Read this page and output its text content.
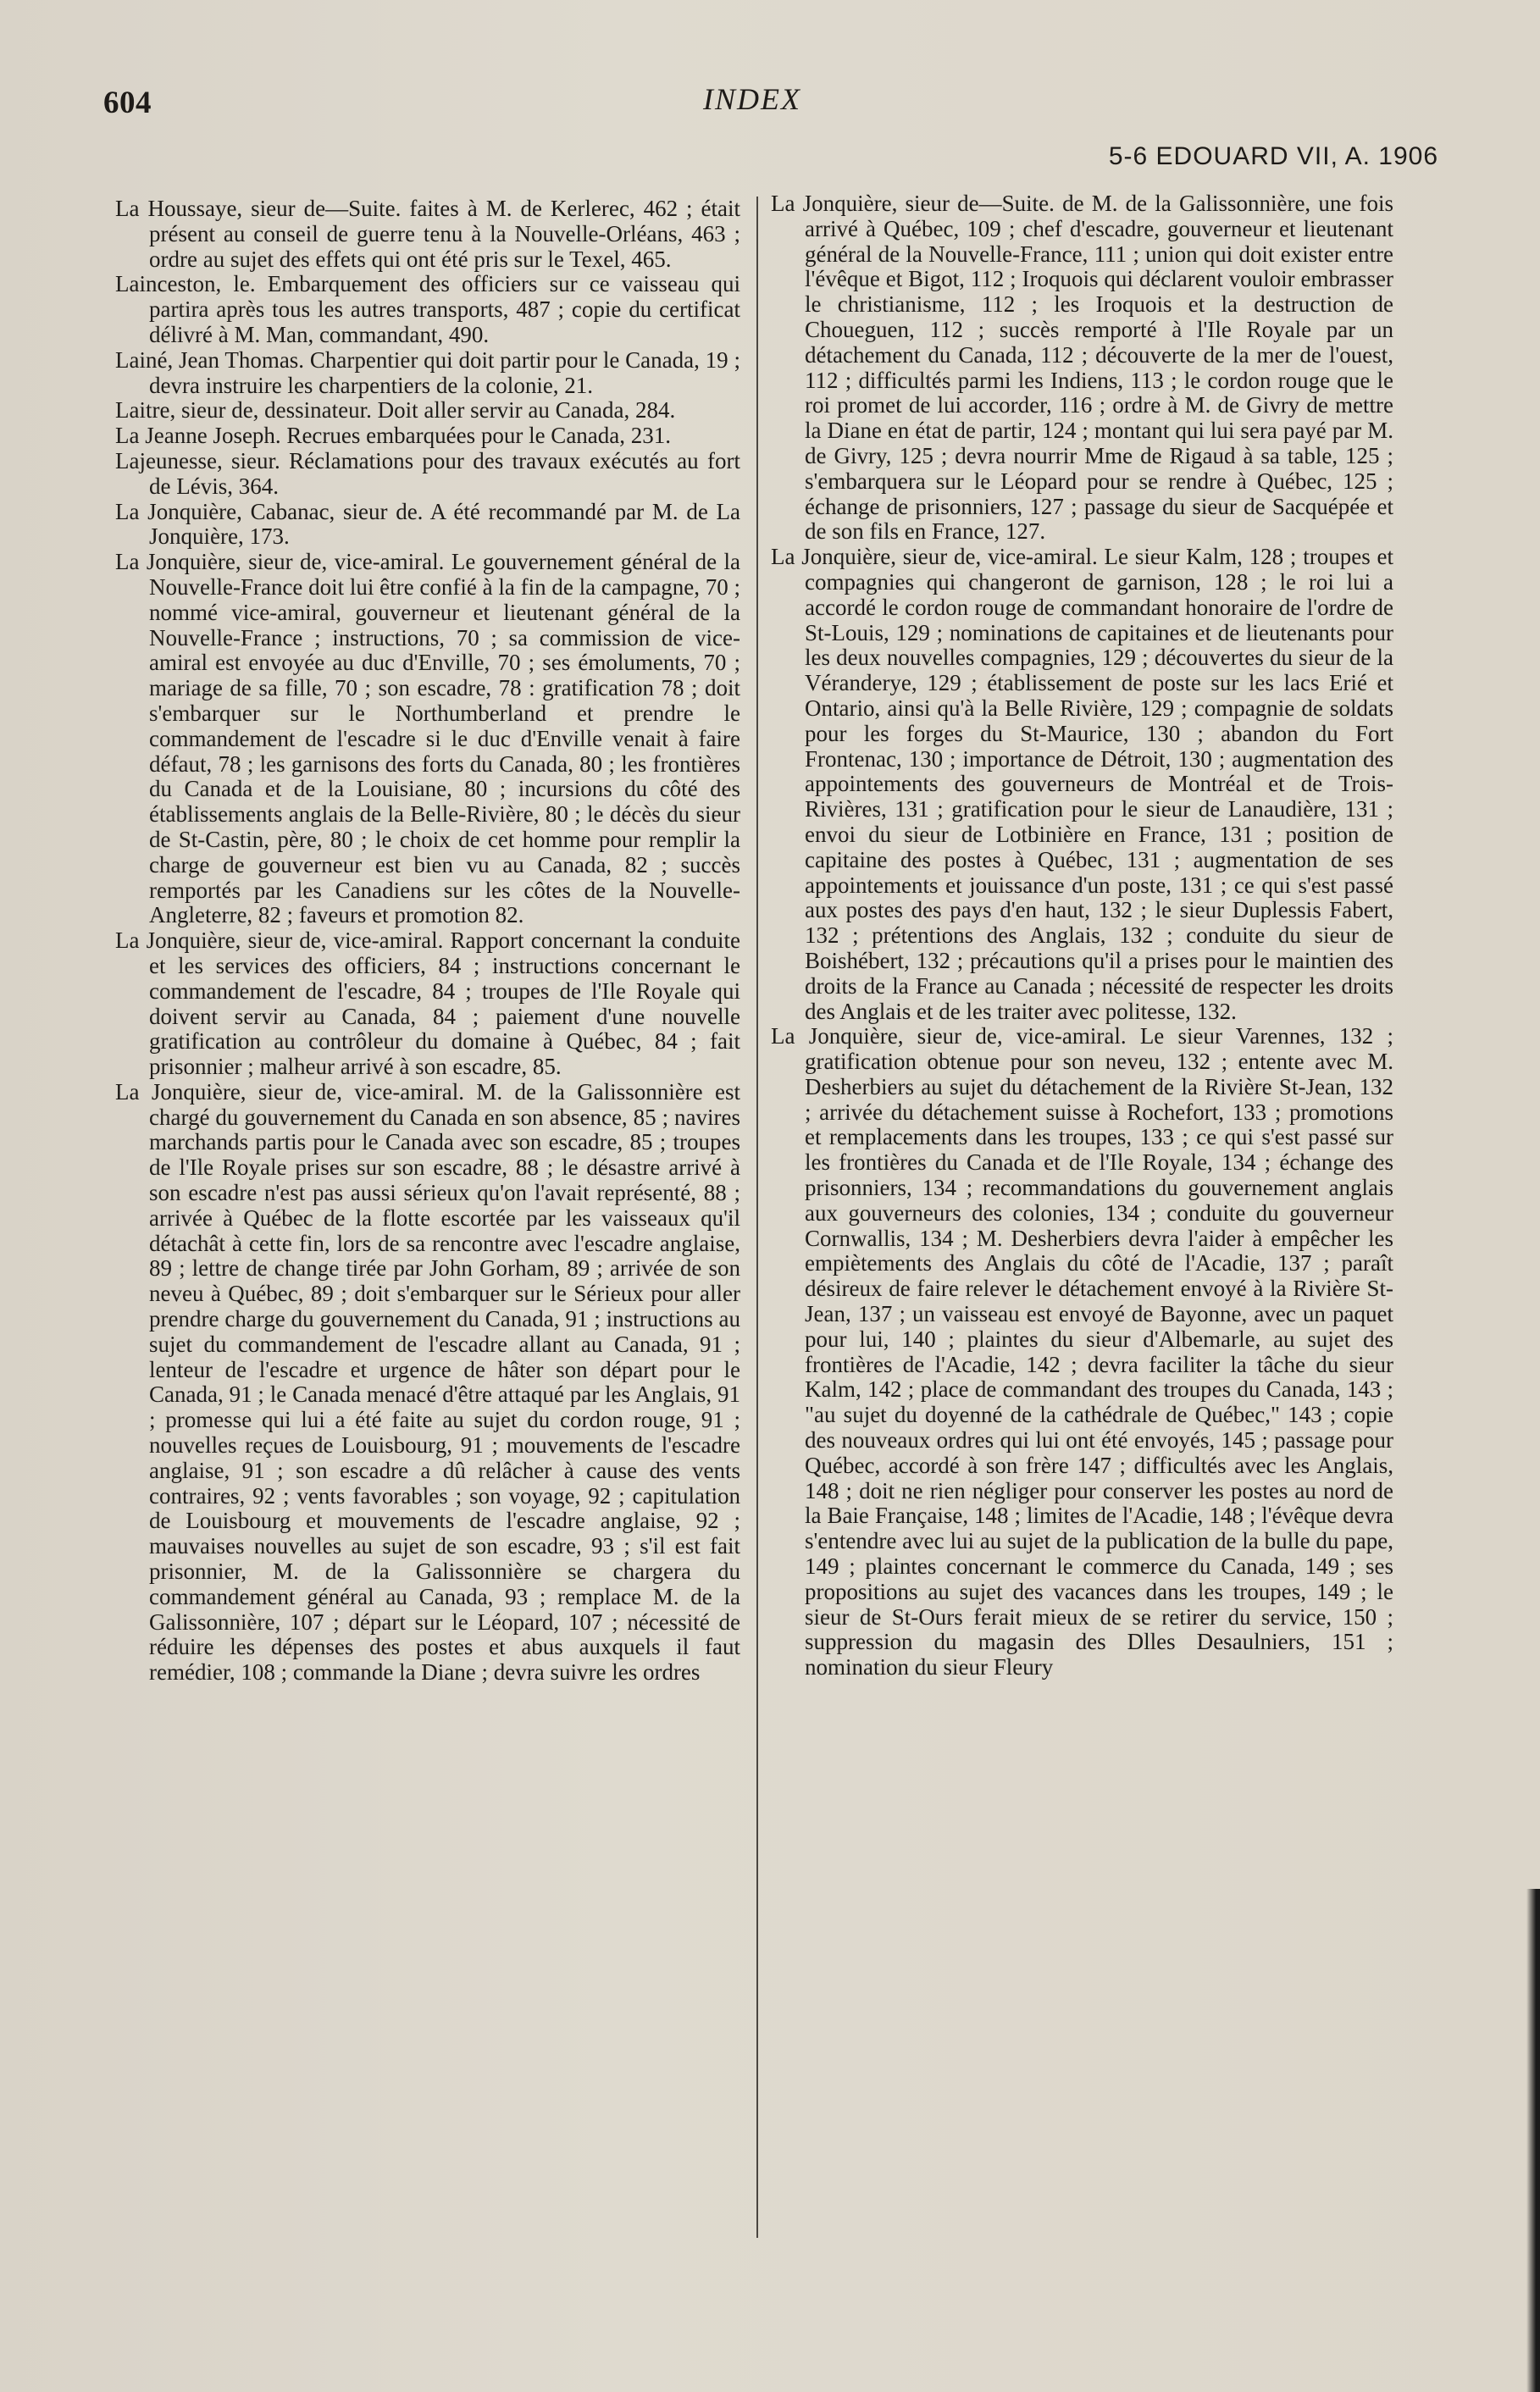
604	INDEX
5-6 EDOUARD VII, A. 1906

La Houssaye, sieur de—Suite. faites à M. de Kerlerec, 462 ; était présent au conseil de guerre tenu à la Nouvelle-Orléans, 463 ; ordre au sujet des effets qui ont été pris sur le Texel, 465.

Lainceston, le. Embarquement des officiers sur ce vaisseau qui partira après tous les autres transports, 487 ; copie du certificat délivré à M. Man, commandant, 490.

Lainé, Jean Thomas. Charpentier qui doit partir pour le Canada, 19 ; devra instruire les charpentiers de la colonie, 21.

Laitre, sieur de, dessinateur. Doit aller servir au Canada, 284.

La Jeanne Joseph. Recrues embarquées pour le Canada, 231.

Lajeunesse, sieur. Réclamations pour des travaux exécutés au fort de Lévis, 364.

La Jonquière, Cabanac, sieur de. A été recommandé par M. de La Jonquière, 173.

La Jonquière, sieur de, vice-amiral. Le gouvernement général de la Nouvelle-France doit lui être confié à la fin de la campagne, 70 ; nommé vice-amiral, gouverneur et lieutenant général de la Nouvelle-France ; instructions, 70 ; sa commission de vice-amiral est envoyée au duc d'Enville, 70 ; ses émoluments, 70 ; mariage de sa fille, 70 ; son escadre, 78 : gratification 78 ; doit s'embarquer sur le Northumberland et prendre le commandement de l'escadre si le duc d'Enville venait à faire défaut, 78 ; les garnisons des forts du Canada, 80 ; les frontières du Canada et de la Louisiane, 80 ; incursions du côté des établissements anglais de la Belle-Rivière, 80 ; le décès du sieur de St-Castin, père, 80 ; le choix de cet homme pour remplir la charge de gouverneur est bien vu au Canada, 82 ; succès remportés par les Canadiens sur les côtes de la Nouvelle-Angleterre, 82 ; faveurs et promotion 82.

La Jonquière, sieur de, vice-amiral. Rapport concernant la conduite et les services des officiers, 84 ; instructions concernant le commandement de l'escadre, 84 ; troupes de l'Ile Royale qui doivent servir au Canada, 84 ; paiement d'une nouvelle gratification au contrôleur du domaine à Québec, 84 ; fait prisonnier ; malheur arrivé à son escadre, 85.

La Jonquière, sieur de, vice-amiral. M. de la Galissonnière est chargé du gouvernement du Canada en son absence, 85 ; navires marchands partis pour le Canada avec son escadre, 85 ; troupes de l'Ile Royale prises sur son escadre, 88 ; le désastre arrivé à son escadre n'est pas aussi sérieux qu'on l'avait représenté, 88 ; arrivée à Québec de la flotte escortée par les vaisseaux qu'il détachât à cette fin, lors de sa rencontre avec l'escadre anglaise, 89 ; lettre de change tirée par John Gorham, 89 ; arrivée de son neveu à Québec, 89 ; doit s'embarquer sur le Sérieux pour aller prendre charge du gouvernement du Canada, 91 ; instructions au sujet du commandement de l'escadre allant au Canada, 91 ; lenteur de l'escadre et urgence de hâter son départ pour le Canada, 91 ; le Canada menacé d'être attaqué par les Anglais, 91 ; promesse qui lui a été faite au sujet du cordon rouge, 91 ; nouvelles reçues de Louisbourg, 91 ; mouvements de l'escadre anglaise, 91 ; son escadre a dû relâcher à cause des vents contraires, 92 ; vents favorables ; son voyage, 92 ; capitulation de Louisbourg et mouvements de l'escadre anglaise, 92 ; mauvaises nouvelles au sujet de son escadre, 93 ; s'il est fait prisonnier, M. de la Galissonnière se chargera du commandement général au Canada, 93 ; remplace M. de la Galissonnière, 107 ; départ sur le Léopard, 107 ; nécessité de réduire les dépenses des postes et abus auxquels il faut remédier, 108 ; commande la Diane ; devra suivre les ordres

La Jonquière, sieur de—Suite. de M. de la Galissonnière, une fois arrivé à Québec, 109 ; chef d'escadre, gouverneur et lieutenant général de la Nouvelle-France, 111 ; union qui doit exister entre l'évêque et Bigot, 112 ; Iroquois qui déclarent vouloir embrasser le christianisme, 112 ; les Iroquois et la destruction de Choueguen, 112 ; succès remporté à l'Ile Royale par un détachement du Canada, 112 ; découverte de la mer de l'ouest, 112 ; difficultés parmi les Indiens, 113 ; le cordon rouge que le roi promet de lui accorder, 116 ; ordre à M. de Givry de mettre la Diane en état de partir, 124 ; montant qui lui sera payé par M. de Givry, 125 ; devra nourrir Mme de Rigaud à sa table, 125 ; s'embarquera sur le Léopard pour se rendre à Québec, 125 ; échange de prisonniers, 127 ; passage du sieur de Sacquépée et de son fils en France, 127.

La Jonquière, sieur de, vice-amiral. Le sieur Kalm, 128 ; troupes et compagnies qui changeront de garnison, 128 ; le roi lui a accordé le cordon rouge de commandant honoraire de l'ordre de St-Louis, 129 ; nominations de capitaines et de lieutenants pour les deux nouvelles compagnies, 129 ; découvertes du sieur de la Véranderye, 129 ; établissement de poste sur les lacs Erié et Ontario, ainsi qu'à la Belle Rivière, 129 ; compagnie de soldats pour les forges du St-Maurice, 130 ; abandon du Fort Frontenac, 130 ; importance de Détroit, 130 ; augmentation des appointements des gouverneurs de Montréal et de Trois-Rivières, 131 ; gratification pour le sieur de Lanaudière, 131 ; envoi du sieur de Lotbinière en France, 131 ; position de capitaine des postes à Québec, 131 ; augmentation de ses appointements et jouissance d'un poste, 131 ; ce qui s'est passé aux postes des pays d'en haut, 132 ; le sieur Duplessis Fabert, 132 ; prétentions des Anglais, 132 ; conduite du sieur de Boishébert, 132 ; précautions qu'il a prises pour le maintien des droits de la France au Canada ; nécessité de respecter les droits des Anglais et de les traiter avec politesse, 132.

La Jonquière, sieur de, vice-amiral. Le sieur Varennes, 132 ; gratification obtenue pour son neveu, 132 ; entente avec M. Desherbiers au sujet du détachement de la Rivière St-Jean, 132 ; arrivée du détachement suisse à Rochefort, 133 ; promotions et remplacements dans les troupes, 133 ; ce qui s'est passé sur les frontières du Canada et de l'Ile Royale, 134 ; échange des prisonniers, 134 ; recommandations du gouvernement anglais aux gouverneurs des colonies, 134 ; conduite du gouverneur Cornwallis, 134 ; M. Desherbiers devra l'aider à empêcher les empiètements des Anglais du côté de l'Acadie, 137 ; paraît désireux de faire relever le détachement envoyé à la Rivière St-Jean, 137 ; un vaisseau est envoyé de Bayonne, avec un paquet pour lui, 140 ; plaintes du sieur d'Albemarle, au sujet des frontières de l'Acadie, 142 ; devra faciliter la tâche du sieur Kalm, 142 ; place de commandant des troupes du Canada, 143 ; "au sujet du doyenné de la cathédrale de Québec," 143 ; copie des nouveaux ordres qui lui ont été envoyés, 145 ; passage pour Québec, accordé à son frère 147 ; difficultés avec les Anglais, 148 ; doit ne rien négliger pour conserver les postes au nord de la Baie Française, 148 ; limites de l'Acadie, 148 ; l'évêque devra s'entendre avec lui au sujet de la publication de la bulle du pape, 149 ; plaintes concernant le commerce du Canada, 149 ; ses propositions au sujet des vacances dans les troupes, 149 ; le sieur de St-Ours ferait mieux de se retirer du service, 150 ; suppression du magasin des Dlles Desaulniers, 151 ; nomination du sieur Fleury
